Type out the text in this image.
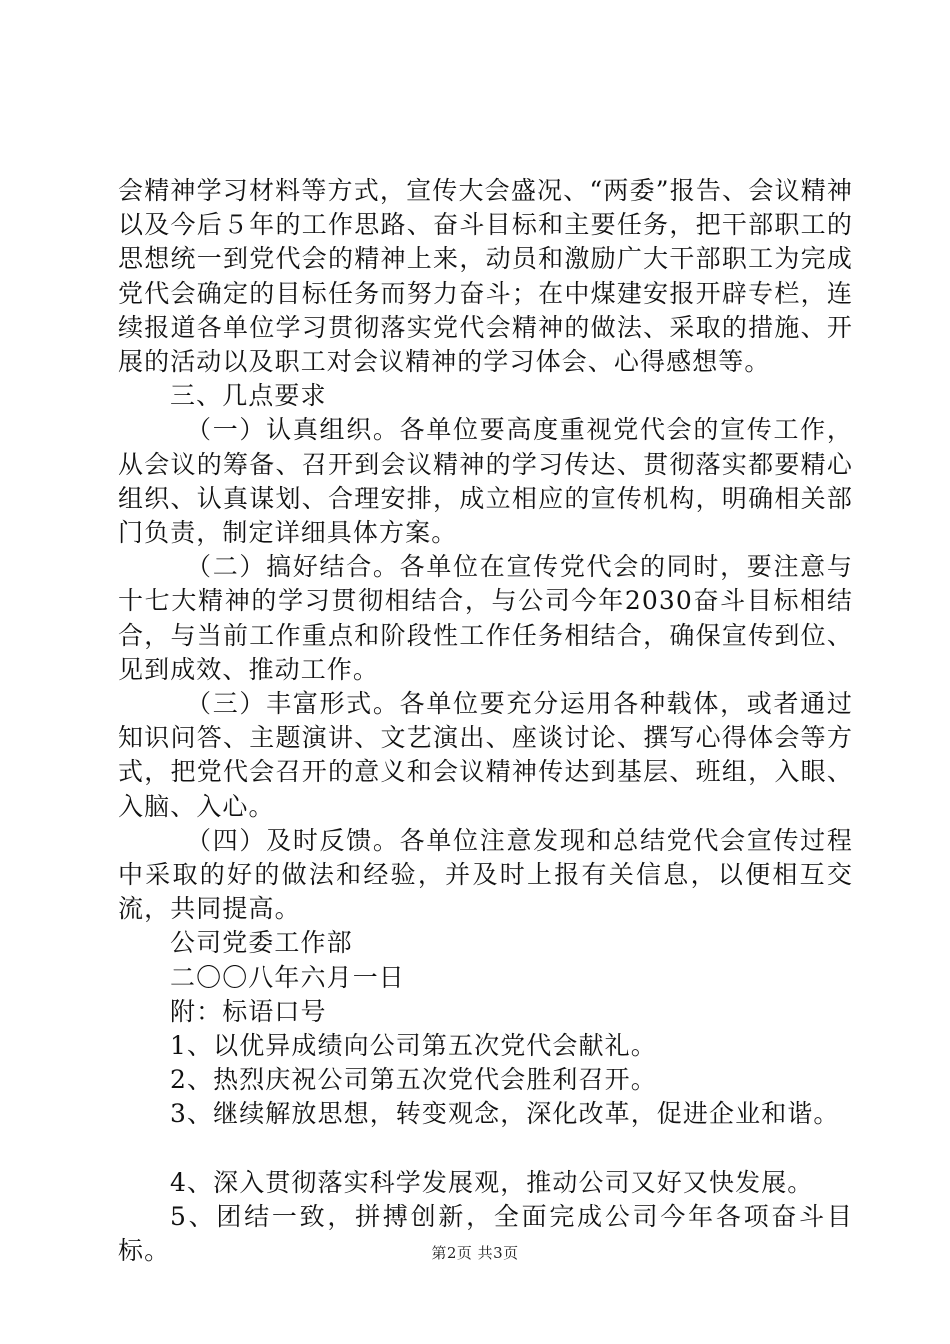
会精神学习材料等方式，宣传大会盛况、“两委”报告、会议精神以及今后５年的工作思路、奋斗目标和主要任务，把干部职工的思想统一到党代会的精神上来，动员和激励广大干部职工为完成党代会确定的目标任务而努力奋斗；在中煤建安报开辟专栏，连续报道各单位学习贯彻落实党代会精神的做法、采取的措施、开展的活动以及职工对会议精神的学习体会、心得感想等。

三、几点要求

（一）认真组织。各单位要高度重视党代会的宣传工作，从会议的筹备、召开到会议精神的学习传达、贯彻落实都要精心组织、认真谋划、合理安排，成立相应的宣传机构，明确相关部门负责，制定详细具体方案。

（二）搞好结合。各单位在宣传党代会的同时，要注意与十七大精神的学习贯彻相结合，与公司今年2030奋斗目标相结合，与当前工作重点和阶段性工作任务相结合，确保宣传到位、见到成效、推动工作。

（三）丰富形式。各单位要充分运用各种载体，或者通过知识问答、主题演讲、文艺演出、座谈讨论、撰写心得体会等方式，把党代会召开的意义和会议精神传达到基层、班组，入眼、入脑、入心。

（四）及时反馈。各单位注意发现和总结党代会宣传过程中采取的好的做法和经验，并及时上报有关信息，以便相互交流，共同提高。

公司党委工作部

二〇〇八年六月一日

附：标语口号

1、以优异成绩向公司第五次党代会献礼。

2、热烈庆祝公司第五次党代会胜利召开。

3、继续解放思想，转变观念，深化改革，促进企业和谐。

4、深入贯彻落实科学发展观，推动公司又好又快发展。

5、团结一致，拼搏创新，全面完成公司今年各项奋斗目标。	第2页 共3页
